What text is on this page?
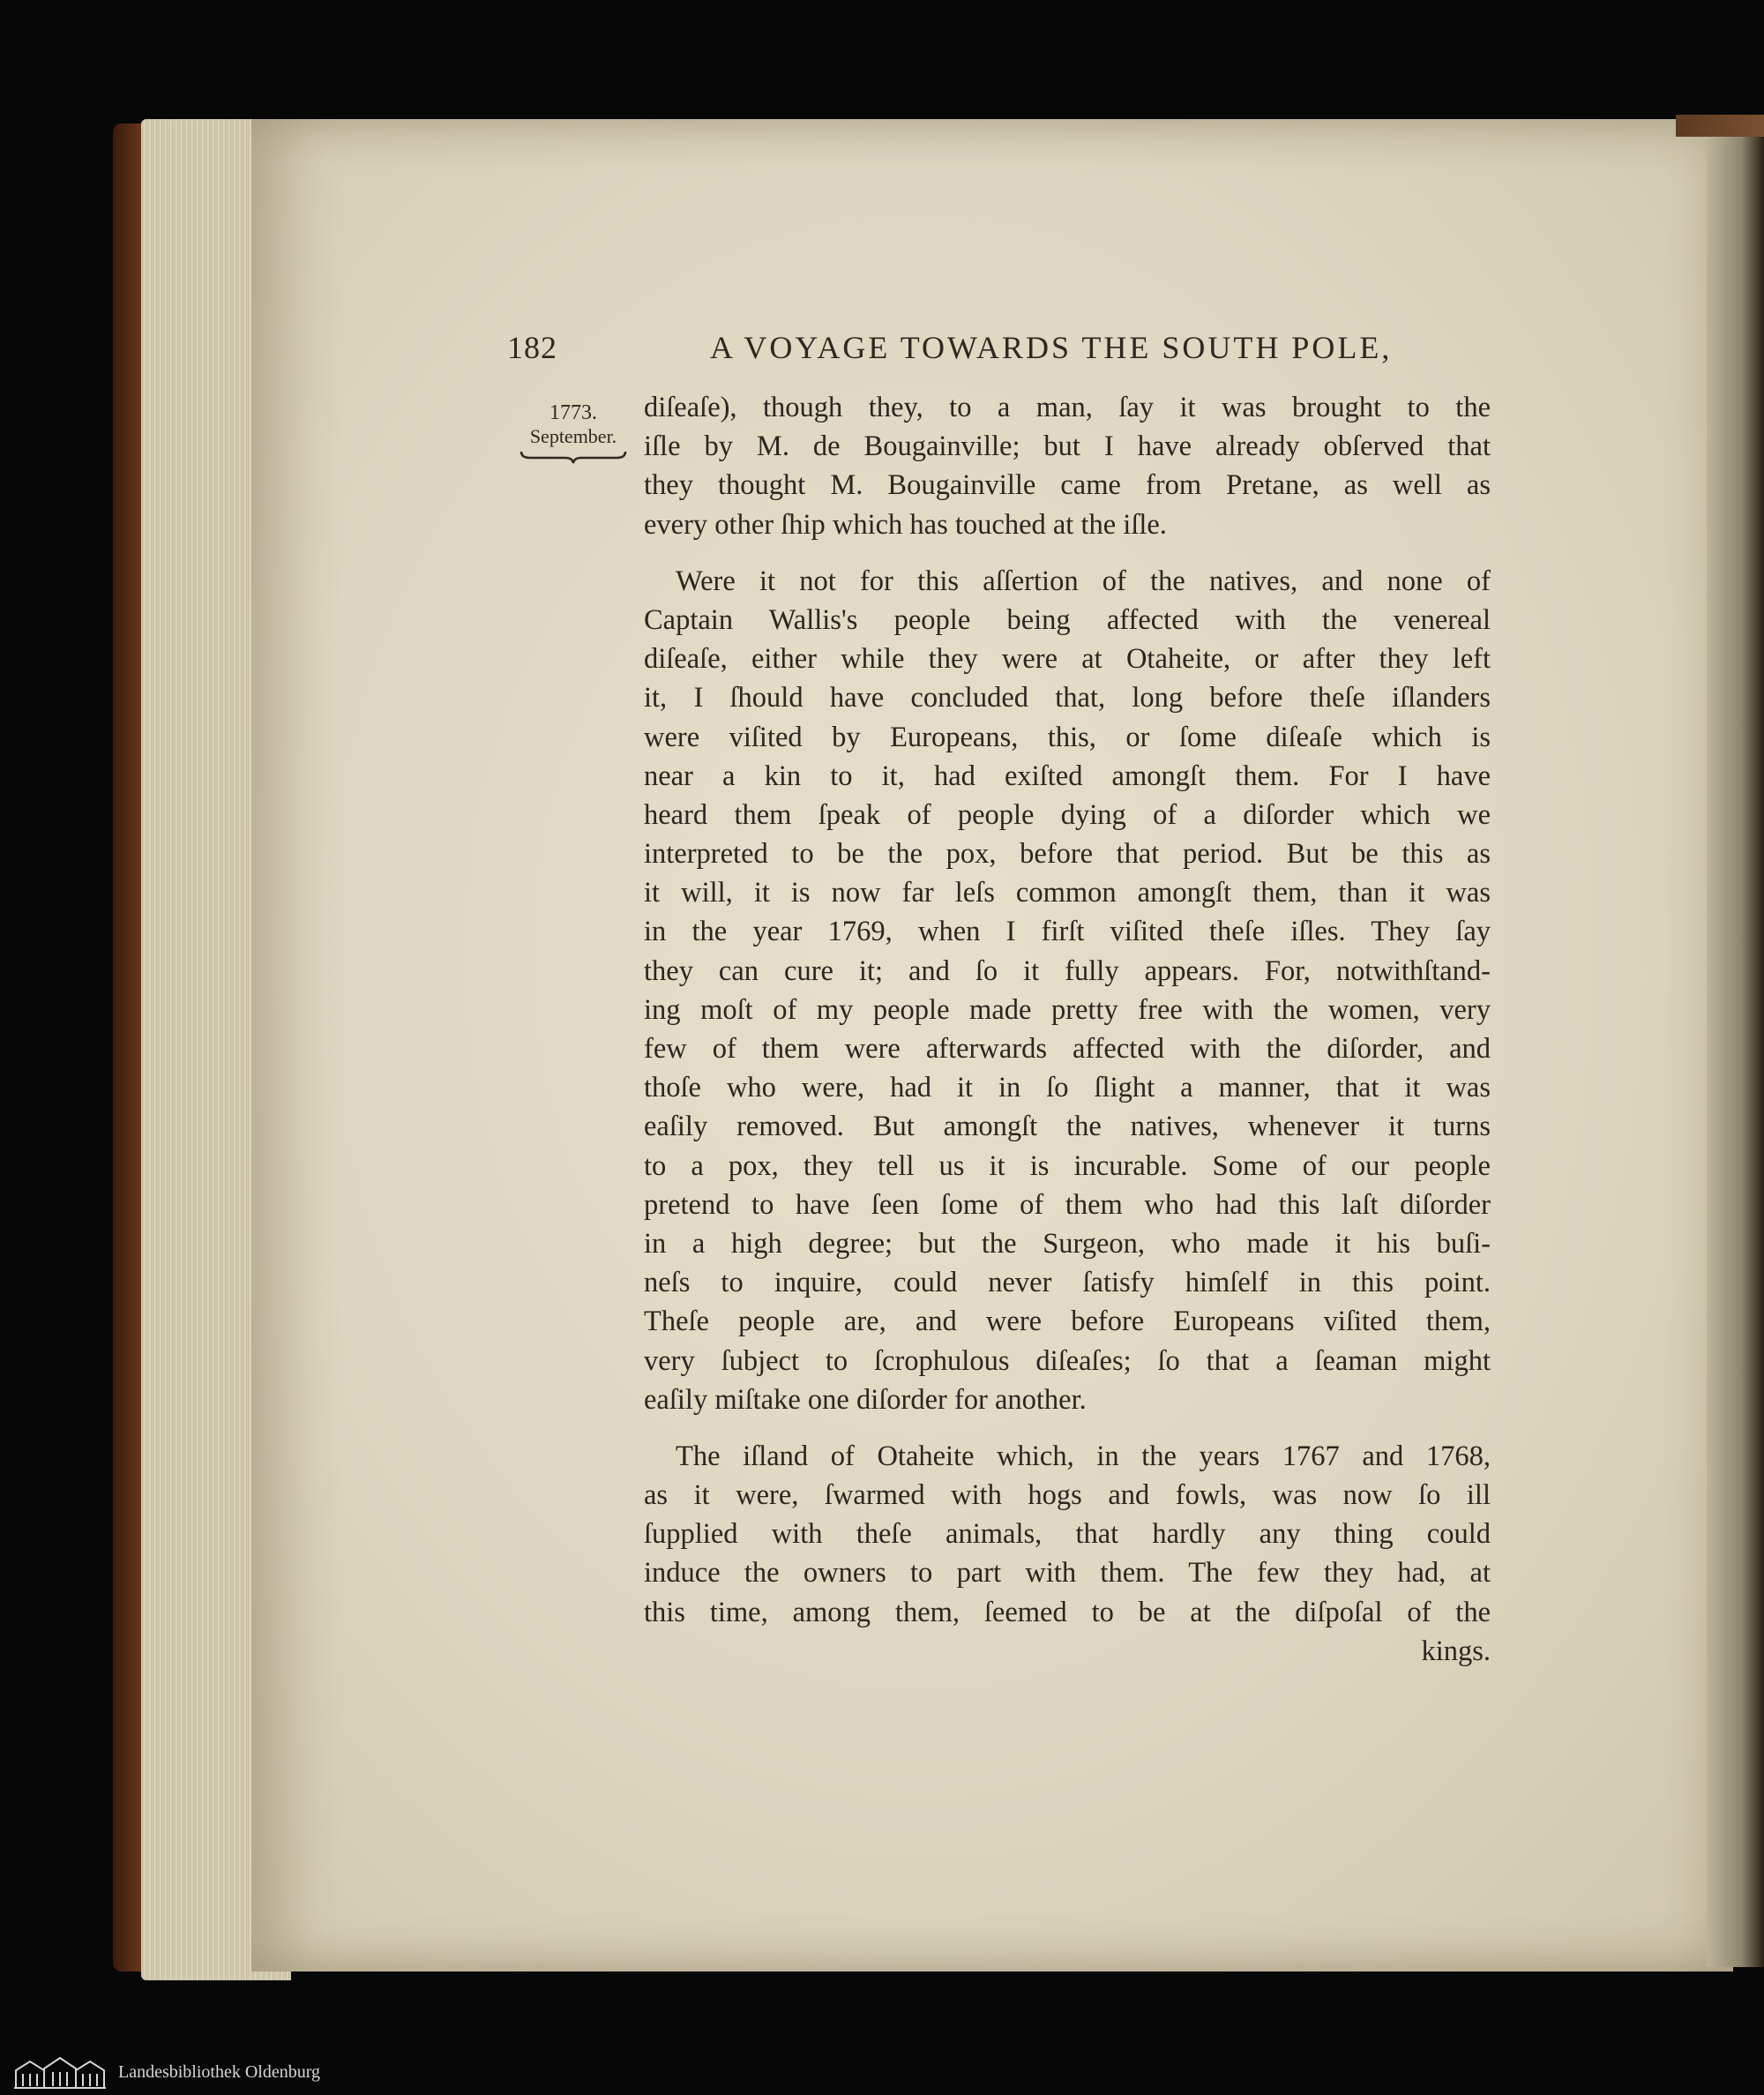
182	A VOYAGE TOWARDS THE SOUTH POLE,
1773.
September.
diſeaſe), though they, to a man, ſay it was brought to the
iſle by M. de Bougainville; but I have already obſerved that
they thought M. Bougainville came from Pretane, as well as
every other ſhip which has touched at the iſle.
Were it not for this aſſertion of the natives, and none of
Captain Wallis's people being affected with the venereal
diſeaſe, either while they were at Otaheite, or after they left
it, I ſhould have concluded that, long before theſe iſlanders
were viſited by Europeans, this, or ſome diſeaſe which is
near a kin to it, had exiſted amongſt them. For I have
heard them ſpeak of people dying of a diſorder which we
interpreted to be the pox, before that period. But be this as
it will, it is now far leſs common amongſt them, than it was
in the year 1769, when I firſt viſited theſe iſles. They ſay
they can cure it; and ſo it fully appears. For, notwithſtand-
ing moſt of my people made pretty free with the women, very
few of them were afterwards affected with the diſorder, and
thoſe who were, had it in ſo ſlight a manner, that it was
eaſily removed. But amongſt the natives, whenever it turns
to a pox, they tell us it is incurable. Some of our people
pretend to have ſeen ſome of them who had this laſt diſorder
in a high degree; but the Surgeon, who made it his buſi-
neſs to inquire, could never ſatisfy himſelf in this point.
Theſe people are, and were before Europeans viſited them,
very ſubject to ſcrophulous diſeaſes; ſo that a ſeaman might
eaſily miſtake one diſorder for another.
The iſland of Otaheite which, in the years 1767 and 1768,
as it were, ſwarmed with hogs and fowls, was now ſo ill
ſupplied with theſe animals, that hardly any thing could
induce the owners to part with them. The few they had, at
this time, among them, ſeemed to be at the diſpoſal of the
kings.
Landesbibliothek Oldenburg
